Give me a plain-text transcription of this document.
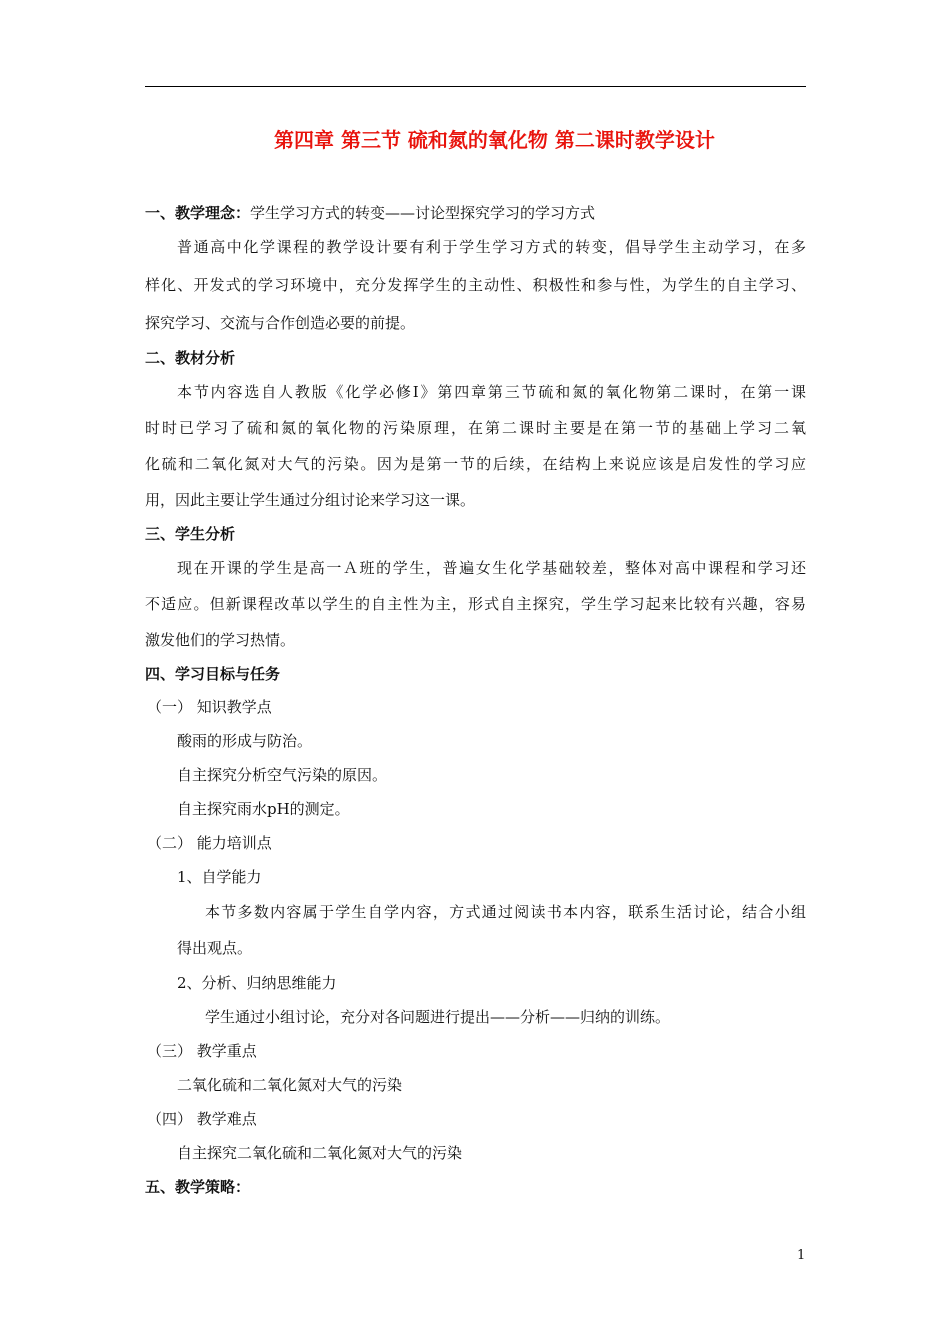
第四章 第三节 硫和氮的氧化物 第二课时教学设计

一、教学理念：学生学习方式的转变——讨论型探究学习的学习方式

普通高中化学课程的教学设计要有利于学生学习方式的转变，倡导学生主动学习，在多

样化、开发式的学习环境中，充分发挥学生的主动性、积极性和参与性，为学生的自主学习、

探究学习、交流与合作创造必要的前提。

二、教材分析

本节内容选自人教版《化学必修Ⅰ》第四章第三节硫和氮的氧化物第二课时，在第一课

时时已学习了硫和氮的氧化物的污染原理，在第二课时主要是在第一节的基础上学习二氧

化硫和二氧化氮对大气的污染。因为是第一节的后续，在结构上来说应该是启发性的学习应

用，因此主要让学生通过分组讨论来学习这一课。

三、学生分析

现在开课的学生是高一Ａ班的学生，普遍女生化学基础较差，整体对高中课程和学习还

不适应。但新课程改革以学生的自主性为主，形式自主探究，学生学习起来比较有兴趣，容易

激发他们的学习热情。

四、学习目标与任务

（一） 知识教学点

酸雨的形成与防治。

自主探究分析空气污染的原因。

自主探究雨水pH的测定。

（二） 能力培训点

1、自学能力

本节多数内容属于学生自学内容，方式通过阅读书本内容，联系生活讨论，结合小组

得出观点。

2、分析、归纳思维能力

学生通过小组讨论，充分对各问题进行提出——分析——归纳的训练。

（三） 教学重点

二氧化硫和二氧化氮对大气的污染

（四） 教学难点

自主探究二氧化硫和二氧化氮对大气的污染

五、教学策略：

1
